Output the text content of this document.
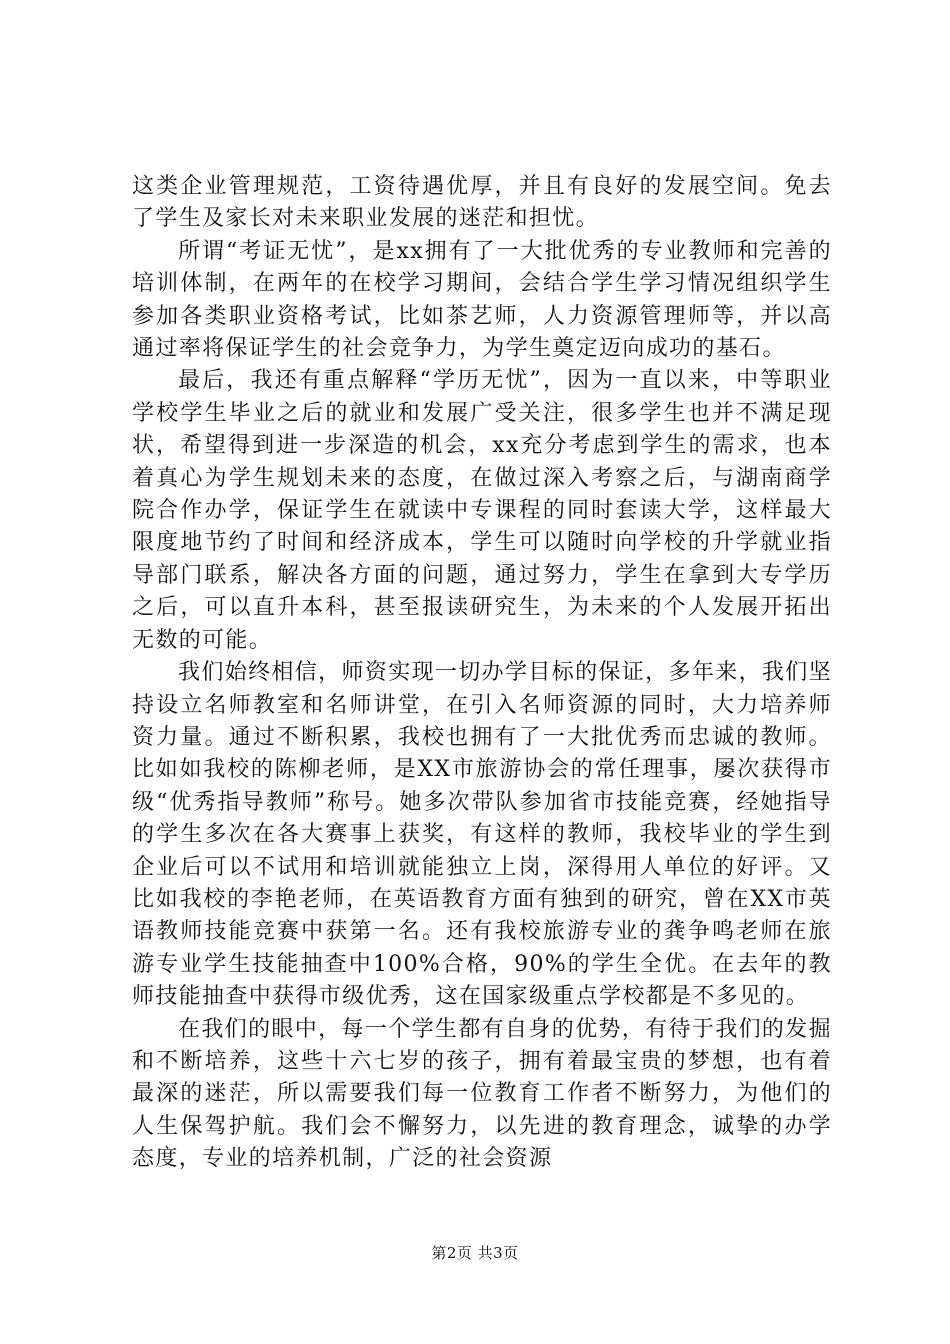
这类企业管理规范，工资待遇优厚，并且有良好的发展空间。免去了学生及家长对未来职业发展的迷茫和担忧。

所谓“考证无忧”，是xx拥有了一大批优秀的专业教师和完善的培训体制，在两年的在校学习期间，会结合学生学习情况组织学生参加各类职业资格考试，比如茶艺师，人力资源管理师等，并以高通过率将保证学生的社会竞争力，为学生奠定迈向成功的基石。

最后，我还有重点解释“学历无忧”，因为一直以来，中等职业学校学生毕业之后的就业和发展广受关注，很多学生也并不满足现状，希望得到进一步深造的机会，xx充分考虑到学生的需求，也本着真心为学生规划未来的态度，在做过深入考察之后，与湖南商学院合作办学，保证学生在就读中专课程的同时套读大学，这样最大限度地节约了时间和经济成本，学生可以随时向学校的升学就业指导部门联系，解决各方面的问题，通过努力，学生在拿到大专学历之后，可以直升本科，甚至报读研究生，为未来的个人发展开拓出无数的可能。

我们始终相信，师资实现一切办学目标的保证，多年来，我们坚持设立名师教室和名师讲堂，在引入名师资源的同时，大力培养师资力量。通过不断积累，我校也拥有了一大批优秀而忠诚的教师。比如如我校的陈柳老师，是XX市旅游协会的常任理事，屡次获得市级“优秀指导教师”称号。她多次带队参加省市技能竞赛，经她指导的学生多次在各大赛事上获奖，有这样的教师，我校毕业的学生到企业后可以不试用和培训就能独立上岗，深得用人单位的好评。又比如我校的李艳老师，在英语教育方面有独到的研究，曾在XX市英语教师技能竞赛中获第一名。还有我校旅游专业的龚争鸣老师在旅游专业学生技能抽查中100%合格，90%的学生全优。在去年的教师技能抽查中获得市级优秀，这在国家级重点学校都是不多见的。

在我们的眼中，每一个学生都有自身的优势，有待于我们的发掘和不断培养，这些十六七岁的孩子，拥有着最宝贵的梦想，也有着最深的迷茫，所以需要我们每一位教育工作者不断努力，为他们的人生保驾护航。我们会不懈努力，以先进的教育理念，诚挚的办学态度，专业的培养机制，广泛的社会资源

第2页 共3页
